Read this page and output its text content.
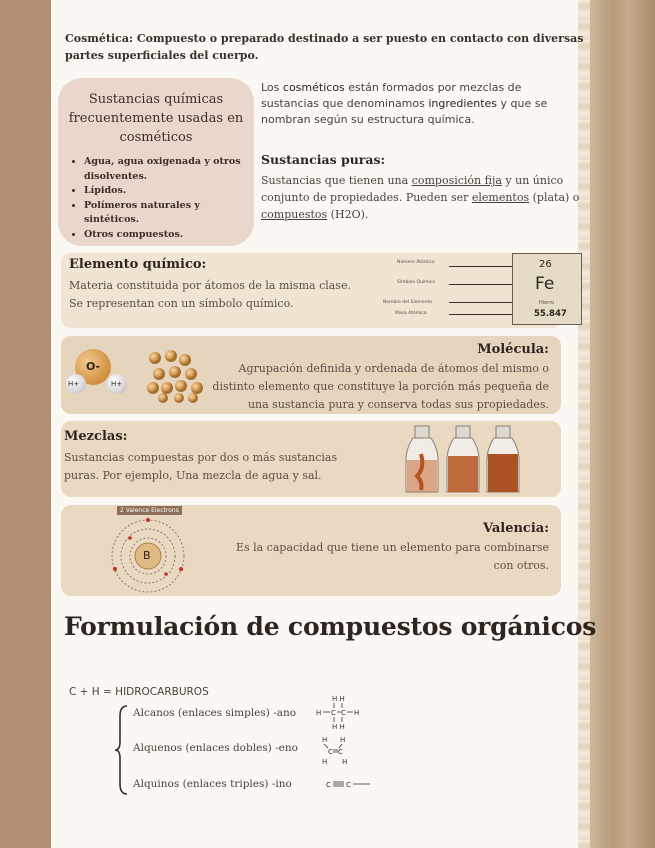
Cosmética: Compuesto o preparado destinado a ser puesto en contacto con diversas partes superficiales del cuerpo.

Sustancias químicas frecuentemente usadas en cosméticos
• Agua, agua oxigenada y otros disolventes.
• Lípidos.
• Polímeros naturales y sintéticos.
• Otros compuestos.

Los cosméticos están formados por mezclas de sustancias que denominamos ingredientes y que se nombran según su estructura química.

Sustancias puras:

Sustancias que tienen una composición fija y un único conjunto de propiedades. Pueden ser elementos (plata) o compuestos (H2O).

Elemento químico:

Materia constituida por átomos de la misma clase. Se representan con un símbolo químico.

Número Atómico
Símbolo Químico
Nombre del Elemento
Masa Atómica
26
Fe
Hierro
55.847
O-
H+	H+
Molécula:

Agrupación definida y ordenada de átomos del mismo o distinto elemento que constituye la porción más pequeña de una sustancia pura y conserva todas sus propiedades.

Mezclas:

Sustancias compuestas por dos o más sustancias puras. Por ejemplo, Una mezcla de agua y sal.

2 Valence Electrons
B
Valencia:

Es la capacidad que tiene un elemento para combinarse con otros.

Formulación de compuestos orgánicos
C + H = HIDROCARBUROS
Alcanos (enlaces simples) -ano
Alquenos (enlaces dobles) -eno
Alquinos (enlaces triples) -ino
H H
H C C H
H H
H H
C C
H H
C C
